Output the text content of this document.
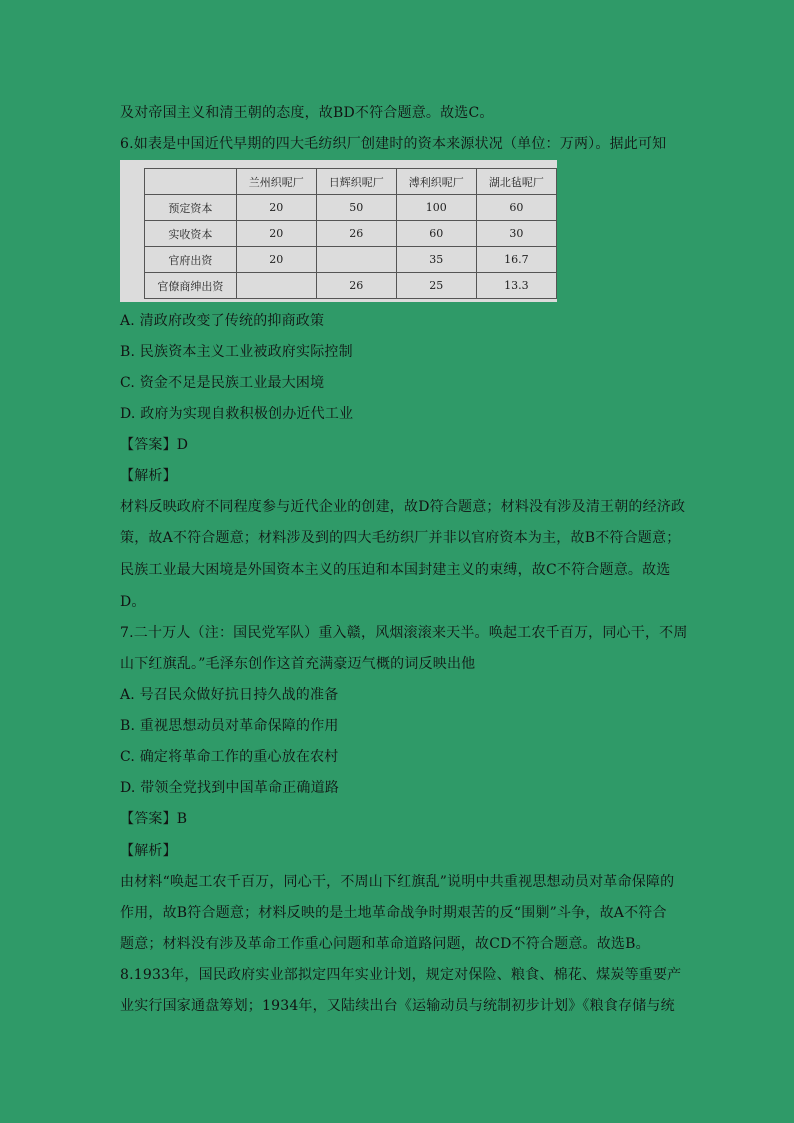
及对帝国主义和清王朝的态度，故BD不符合题意。故选C。
6.如表是中国近代早期的四大毛纺织厂创建时的资本来源状况（单位：万两）。据此可知
	兰州织呢厂	日辉织呢厂	溥利织呢厂	湖北毡呢厂
预定资本	20	50	100	60
实收资本	20	26	60	30
官府出资	20		35	16.7
官僚商绅出资		26	25	13.3
A. 清政府改变了传统的抑商政策
B. 民族资本主义工业被政府实际控制
C. 资金不足是民族工业最大困境
D. 政府为实现自救积极创办近代工业
【答案】D
【解析】
材料反映政府不同程度参与近代企业的创建，故D符合题意；材料没有涉及清王朝的经济政
策，故A不符合题意；材料涉及到的四大毛纺织厂并非以官府资本为主，故B不符合题意；
民族工业最大困境是外国资本主义的压迫和本国封建主义的束缚，故C不符合题意。故选
D。
7.二十万人（注：国民党军队）重入赣，风烟滚滚来天半。唤起工农千百万，同心干，不周
山下红旗乱。”毛泽东创作这首充满豪迈气概的词反映出他
A. 号召民众做好抗日持久战的准备
B. 重视思想动员对革命保障的作用
C. 确定将革命工作的重心放在农村
D. 带领全党找到中国革命正确道路
【答案】B
【解析】
由材料“唤起工农千百万，同心干，不周山下红旗乱”说明中共重视思想动员对革命保障的
作用，故B符合题意；材料反映的是土地革命战争时期艰苦的反“围剿”斗争，故A不符合
题意；材料没有涉及革命工作重心问题和革命道路问题，故CD不符合题意。故选B。
8.1933年，国民政府实业部拟定四年实业计划，规定对保险、粮食、棉花、煤炭等重要产
业实行国家通盘筹划；1934年，又陆续出台《运输动员与统制初步计划》《粮食存储与统
